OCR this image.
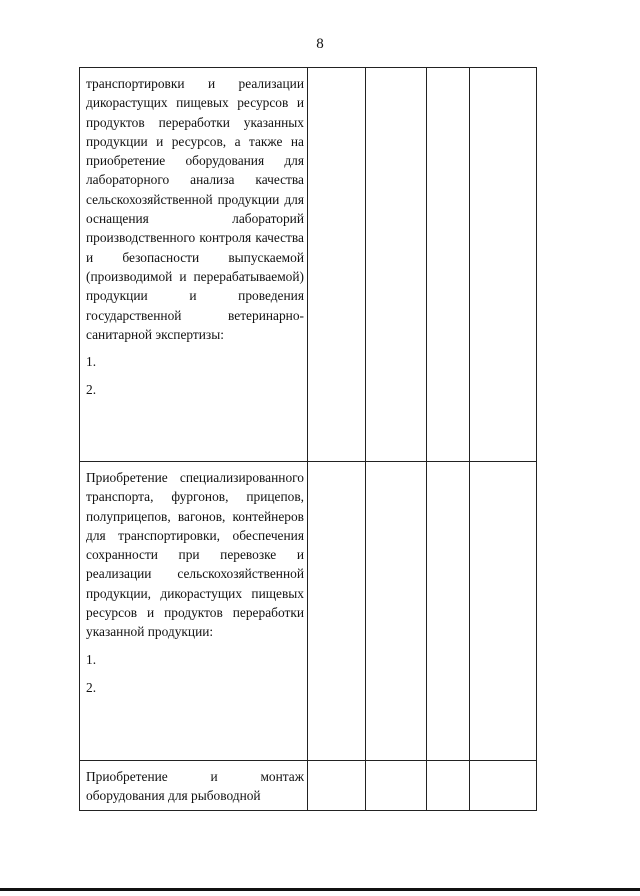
8
транспортировки и реализации дикорастущих пищевых ресурсов и продуктов переработки указанных продукции и ресурсов, а также на приобретение оборудования для лабораторного анализа качества сельскохозяйственной продукции для оснащения лабораторий производственного контроля качества и безопасности выпускаемой (производимой и перерабатываемой) продукции и проведения государственной ветеринарно-санитарной экспертизы:
1.
2.				

Приобретение специализированного транспорта, фургонов, прицепов, полуприцепов, вагонов, контейнеров для транспортировки, обеспечения сохранности при перевозке и реализации сельскохозяйственной продукции, дикорастущих пищевых ресурсов и продуктов переработки указанной продукции:
1.
2.				

Приобретение и монтаж оборудования для рыбоводной				
